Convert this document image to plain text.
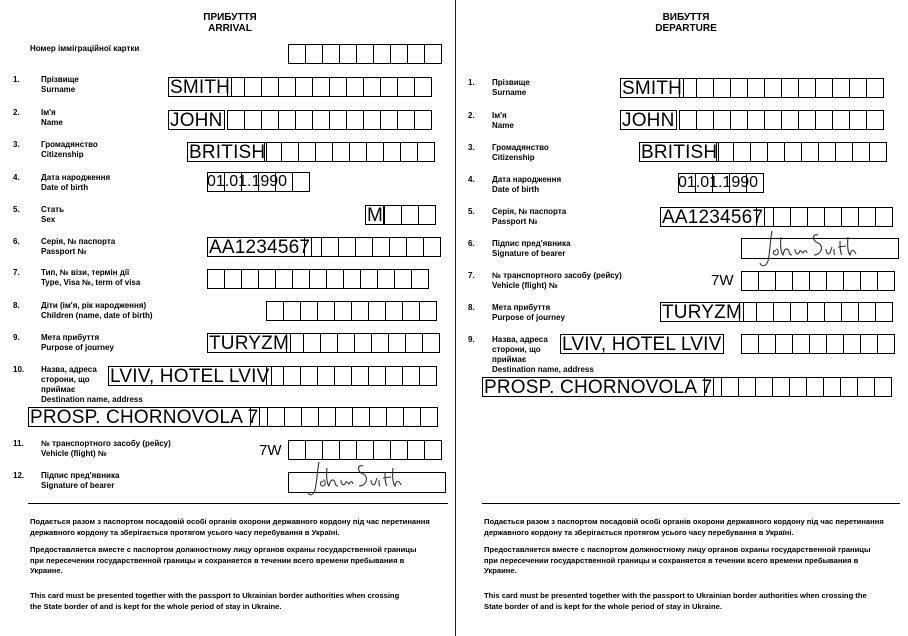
ПРИБУТТЯ
ARRIVAL
Номер імміграційної картки
1.	Прізвище
Surname	SMITH
2.	Ім'я
Name	JOHN
3.	Громадянство
Citizenship	BRITISH
4.	Дата народження
Date of birth	01.01.1990
5.	Стать
Sex	M
6.	Серія, № паспорта
Passport №	AA1234567
7.	Тип, № візи, термін дії
Type, Visa №, term of visa
8.	Діти (ім'я, рік народження)
Children (name, date of birth)
9.	Мета прибуття
Purpose of journey	TURYZM
10. Назва, адреса сторони, що приймає
Destination name, address
LVIV, HOTEL LVIV
PROSP. CHORNOVOLA 7
11. № транспортного засобу (рейсу)
Vehicle (flight) №	7W
12. Підпис пред'явника
Signature of bearer
Подається разом з паспортом посадовій особі органів охорони державного кордону під час перетинання державного кордону та зберігається протягом усього часу перебування в Україні.
Предоставляется вместе с паспортом должностному лицу органов охраны государственной границы при пересечении государственной границы и сохраняется в течении всего времени пребывания в Украине.
This card must be presented together with the passport to Ukrainian border authorities when crossing the State border of and is kept for the whole period of stay in Ukraine.
ВИБУТТЯ
DEPARTURE
1. Прізвище
Surname	SMITH
2. Ім'я
Name	JOHN
3. Громадянство
Citizenship	BRITISH
4. Дата народження
Date of birth	01.01.1990
5. Серія, № паспорта
Passport №	AA1234567
6. Підпис пред'явника
Signature of bearer
7. № транспортного засобу (рейсу)
Vehicle (flight) №	7W
8. Мета прибуття
Purpose of journey	TURYZM
9. Назва, адреса сторони, що приймає
Destination name, address
LVIV, HOTEL LVIV
PROSP. CHORNOVOLA 7
Подається разом з паспортом посадовій особі органів охорони державного кордону під час перетинання державного кордону та зберігається протягом усього часу перебування в Україні.
Предоставляется вместе с паспортом должностному лицу органов охраны государственной границы при пересечении государственной границы и сохраняется в течении всего времени пребывания в Украине.
This card must be presented together with the passport to Ukrainian border authorities when crossing the State border of and is kept for the whole period of stay in Ukraine.
